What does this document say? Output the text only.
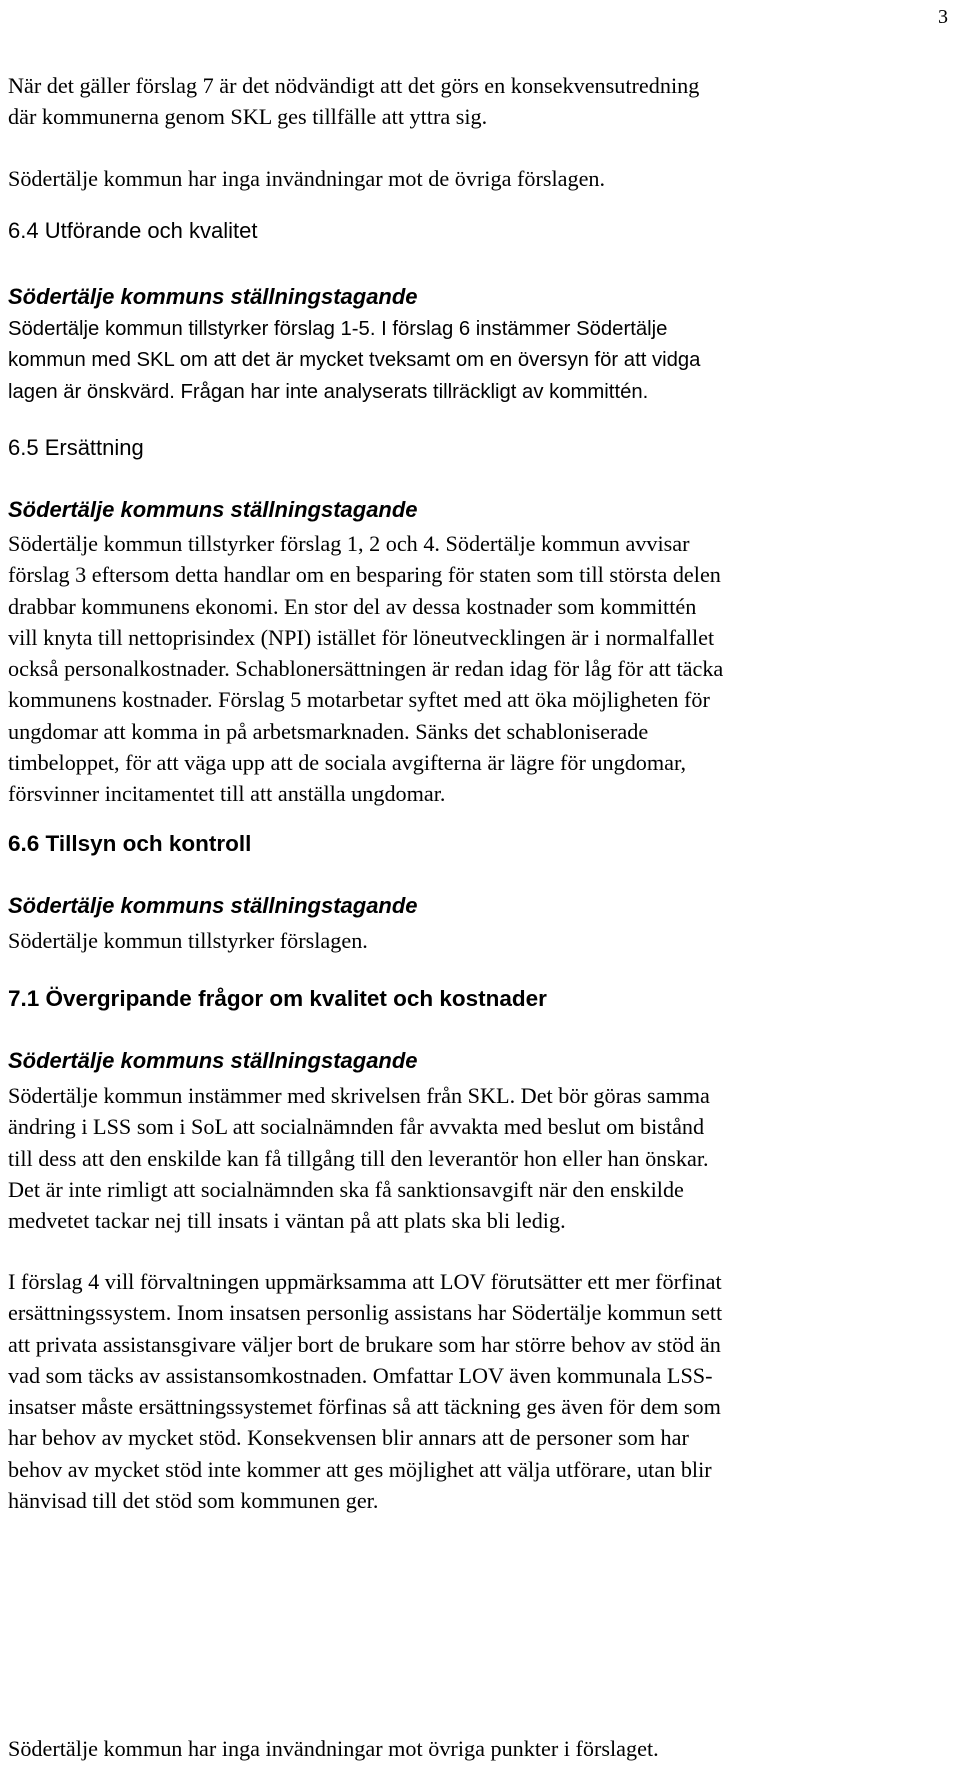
3

När det gäller förslag 7 är det nödvändigt att det görs en konsekvensutredning
där kommunerna genom SKL ges tillfälle att yttra sig.

Södertälje kommun har inga invändningar mot de övriga förslagen.

6.4 Utförande och kvalitet
Södertälje kommuns ställningstagande

Södertälje kommun tillstyrker förslag 1-5. I förslag 6 instämmer Södertälje
kommun med SKL om att det är mycket tveksamt om en översyn för att vidga
lagen är önskvärd. Frågan har inte analyserats tillräckligt av kommittén.

6.5 Ersättning
Södertälje kommuns ställningstagande

Södertälje kommun tillstyrker förslag 1, 2 och 4. Södertälje kommun avvisar
förslag 3 eftersom detta handlar om en besparing för staten som till största delen
drabbar kommunens ekonomi. En stor del av dessa kostnader som kommittén
vill knyta till nettoprisindex (NPI) istället för löneutvecklingen är i normalfallet
också personalkostnader. Schablonersättningen är redan idag för låg för att täcka
kommunens kostnader. Förslag 5 motarbetar syftet med att öka möjligheten för
ungdomar att komma in på arbetsmarknaden. Sänks det schabloniserade
timbeloppet, för att väga upp att de sociala avgifterna är lägre för ungdomar,
försvinner incitamentet till att anställa ungdomar.

6.6 Tillsyn och kontroll
Södertälje kommuns ställningstagande

Södertälje kommun tillstyrker förslagen.

7.1 Övergripande frågor om kvalitet och kostnader
Södertälje kommuns ställningstagande

Södertälje kommun instämmer med skrivelsen från SKL. Det bör göras samma
ändring i LSS som i SoL att socialnämnden får avvakta med beslut om bistånd
till dess att den enskilde kan få tillgång till den leverantör hon eller han önskar.
Det är inte rimligt att socialnämnden ska få sanktionsavgift när den enskilde
medvetet tackar nej till insats i väntan på att plats ska bli ledig.

I förslag 4 vill förvaltningen uppmärksamma att LOV förutsätter ett mer förfinat
ersättningssystem. Inom insatsen personlig assistans har Södertälje kommun sett
att privata assistansgivare väljer bort de brukare som har större behov av stöd än
vad som täcks av assistansomkostnaden. Omfattar LOV även kommunala LSS-
insatser måste ersättningssystemet förfinas så att täckning ges även för dem som
har behov av mycket stöd. Konsekvensen blir annars att de personer som har
behov av mycket stöd inte kommer att ges möjlighet att välja utförare, utan blir
hänvisad till det stöd som kommunen ger.

Södertälje kommun har inga invändningar mot övriga punkter i förslaget.
